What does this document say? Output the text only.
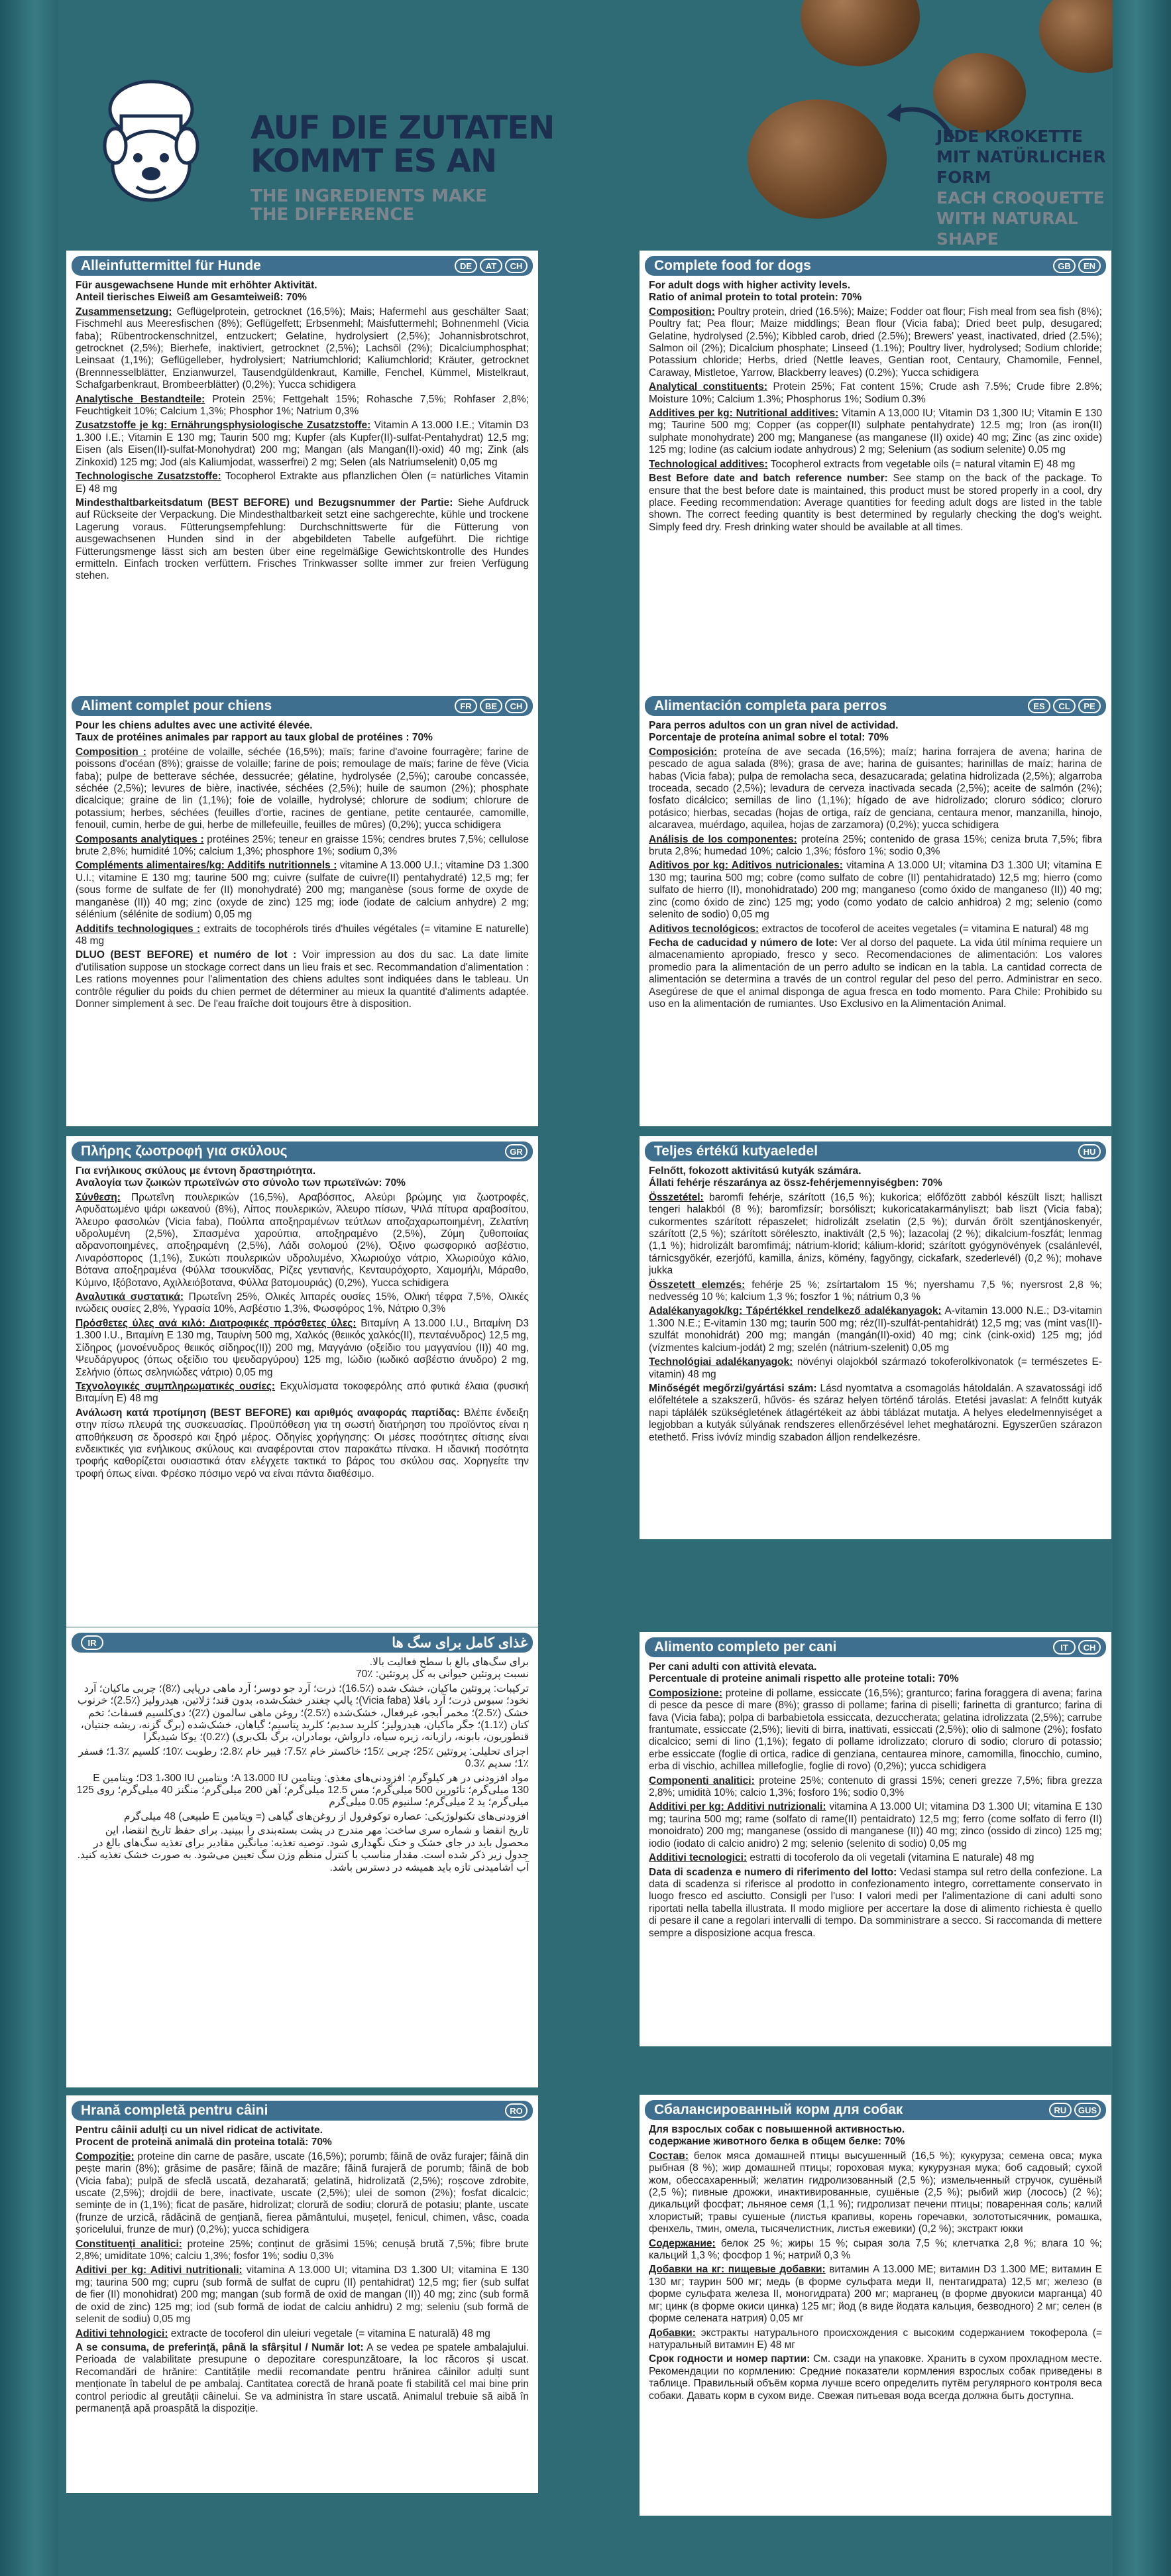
AUF DIE ZUTATEN
KOMMT ES AN
THE INGREDIENTS MAKE
THE DIFFERENCE
JEDE KROKETTE
MIT NATÜRLICHER FORM
EACH CROQUETTE
WITH NATURAL SHAPE
Alleinfuttermittel für Hunde	DE	AT	CH

Für ausgewachsene Hunde mit erhöhter Aktivität.

Anteil tierisches Eiweiß am Gesamteiweiß: 70%

Zusammensetzung: Geflügelprotein, getrocknet (16,5%); Mais; Hafermehl aus geschälter Saat; Fischmehl aus Meeresfischen (8%); Geflügelfett; Erbsenmehl; Maisfuttermehl; Bohnenmehl (Vicia faba); Rübentrockenschnitzel, entzuckert; Gelatine, hydrolysiert (2,5%); Johannisbrotschrot, getrocknet (2,5%); Bierhefe, inaktiviert, getrocknet (2,5%); Lachsöl (2%); Dicalciumphosphat; Leinsaat (1,1%); Geflügelleber, hydrolysiert; Natriumchlorid; Kaliumchlorid; Kräuter, getrocknet (Brennnesselblätter, Enzianwurzel, Tausendgüldenkraut, Kamille, Fenchel, Kümmel, Mistelkraut, Schafgarbenkraut, Brombeerblätter) (0,2%); Yucca schidigera

Analytische Bestandteile: Protein 25%; Fettgehalt 15%; Rohasche 7,5%; Rohfaser 2,8%; Feuchtigkeit 10%; Calcium 1,3%; Phosphor 1%; Natrium 0,3%

Zusatzstoffe je kg: Ernährungsphysiologische Zusatzstoffe: Vitamin A 13.000 I.E.; Vitamin D3 1.300 I.E.; Vitamin E 130 mg; Taurin 500 mg; Kupfer (als Kupfer(II)-sulfat-Pentahydrat) 12,5 mg; Eisen (als Eisen(II)-sulfat-Monohydrat) 200 mg; Mangan (als Mangan(II)-oxid) 40 mg; Zink (als Zinkoxid) 125 mg; Jod (als Kaliumjodat, wasserfrei) 2 mg; Selen (als Natriumselenit) 0,05 mg

Technologische Zusatzstoffe: Tocopherol Extrakte aus pflanzlichen Ölen (= natürliches Vitamin E) 48 mg

Mindesthaltbarkeitsdatum (BEST BEFORE) und Bezugsnummer der Partie: Siehe Aufdruck auf Rückseite der Verpackung. Die Mindesthaltbarkeit setzt eine sachgerechte, kühle und trockene Lagerung voraus. Fütterungsempfehlung: Durchschnittswerte für die Fütterung von ausgewachsenen Hunden sind in der abgebildeten Tabelle aufgeführt. Die richtige Fütterungsmenge lässt sich am besten über eine regelmäßige Gewichtskontrolle des Hundes ermitteln. Einfach trocken verfüttern. Frisches Trinkwasser sollte immer zur freien Verfügung stehen.

Complete food for dogs	GB	EN

For adult dogs with higher activity levels.

Ratio of animal protein to total protein: 70%

Composition: Poultry protein, dried (16.5%); Maize; Fodder oat flour; Fish meal from sea fish (8%); Poultry fat; Pea flour; Maize middlings; Bean flour (Vicia faba); Dried beet pulp, desugared; Gelatine, hydrolysed (2.5%); Kibbled carob, dried (2.5%); Brewers' yeast, inactivated, dried (2.5%); Salmon oil (2%); Dicalcium phosphate; Linseed (1.1%); Poultry liver, hydrolysed; Sodium chloride; Potassium chloride; Herbs, dried (Nettle leaves, Gentian root, Centaury, Chamomile, Fennel, Caraway, Mistletoe, Yarrow, Blackberry leaves) (0.2%); Yucca schidigera

Analytical constituents: Protein 25%; Fat content 15%; Crude ash 7.5%; Crude fibre 2.8%; Moisture 10%; Calcium 1.3%; Phosphorus 1%; Sodium 0.3%

Additives per kg: Nutritional additives: Vitamin A 13,000 IU; Vitamin D3 1,300 IU; Vitamin E 130 mg; Taurine 500 mg; Copper (as copper(II) sulphate pentahydrate) 12.5 mg; Iron (as iron(II) sulphate monohydrate) 200 mg; Manganese (as manganese (II) oxide) 40 mg; Zinc (as zinc oxide) 125 mg; Iodine (as calcium iodate anhydrous) 2 mg; Selenium (as sodium selenite) 0.05 mg

Technological additives: Tocopherol extracts from vegetable oils (= natural vitamin E) 48 mg

Best Before date and batch reference number: See stamp on the back of the package. To ensure that the best before date is maintained, this product must be stored properly in a cool, dry place. Feeding recommendation: Average quantities for feeding adult dogs are listed in the table shown. The correct feeding quantity is best determined by regularly checking the dog's weight. Simply feed dry. Fresh drinking water should be available at all times.

Aliment complet pour chiens	FR	BE	CH

Pour les chiens adultes avec une activité élevée.

Taux de protéines animales par rapport au taux global de protéines : 70%

Composition : protéine de volaille, séchée (16,5%); maïs; farine d'avoine fourragère; farine de poissons d'océan (8%); graisse de volaille; farine de pois; remoulage de maïs; farine de fève (Vicia faba); pulpe de betterave séchée, dessucrée; gélatine, hydrolysée (2,5%); caroube concassée, séchée (2,5%); levures de bière, inactivée, séchées (2,5%); huile de saumon (2%); phosphate dicalcique; graine de lin (1,1%); foie de volaille, hydrolysé; chlorure de sodium; chlorure de potassium; herbes, séchées (feuilles d'ortie, racines de gentiane, petite centaurée, camomille, fenouil, cumin, herbe de gui, herbe de millefeuille, feuilles de mûres) (0,2%); yucca schidigera

Composants analytiques : protéines 25%; teneur en graisse 15%; cendres brutes 7,5%; cellulose brute 2,8%; humidité 10%; calcium 1,3%; phosphore 1%; sodium 0,3%

Compléments alimentaires/kg: Additifs nutritionnels : vitamine A 13.000 U.I.; vitamine D3 1.300 U.I.; vitamine E 130 mg; taurine 500 mg; cuivre (sulfate de cuivre(II) pentahydraté) 12,5 mg; fer (sous forme de sulfate de fer (II) monohydraté) 200 mg; manganèse (sous forme de oxyde de manganèse (II)) 40 mg; zinc (oxyde de zinc) 125 mg; iode (iodate de calcium anhydre) 2 mg; sélénium (sélénite de sodium) 0,05 mg

Additifs technologiques : extraits de tocophérols tirés d'huiles végétales (= vitamine E naturelle) 48 mg

DLUO (BEST BEFORE) et numéro de lot : Voir impression au dos du sac. La date limite d'utilisation suppose un stockage correct dans un lieu frais et sec. Recommandation d'alimentation : Les rations moyennes pour l'alimentation des chiens adultes sont indiquées dans le tableau. Un contrôle régulier du poids du chien permet de déterminer au mieux la quantité d'aliments adaptée. Donner simplement à sec. De l'eau fraîche doit toujours être à disposition.

Alimentación completa para perros	ES	CL	PE

Para perros adultos con un gran nivel de actividad.

Porcentaje de proteína animal sobre el total: 70%

Composición: proteína de ave secada (16,5%); maíz; harina forrajera de avena; harina de pescado de agua salada (8%); grasa de ave; harina de guisantes; harinillas de maíz; harina de habas (Vicia faba); pulpa de remolacha seca, desazucarada; gelatina hidrolizada (2,5%); algarroba troceada, secado (2,5%); levadura de cerveza inactivada secada (2,5%); aceite de salmón (2%); fosfato dicálcico; semillas de lino (1,1%); hígado de ave hidrolizado; cloruro sódico; cloruro potásico; hierbas, secadas (hojas de ortiga, raíz de genciana, centaura menor, manzanilla, hinojo, alcaravea, muérdago, aquilea, hojas de zarzamora) (0,2%); yucca schidigera

Análisis de los componentes: proteína 25%; contenido de grasa 15%; ceniza bruta 7,5%; fibra bruta 2,8%; humedad 10%; calcio 1,3%; fósforo 1%; sodio 0,3%

Aditivos por kg: Aditivos nutricionales: vitamina A 13.000 UI; vitamina D3 1.300 UI; vitamina E 130 mg; taurina 500 mg; cobre (como sulfato de cobre (II) pentahidratado) 12,5 mg; hierro (como sulfato de hierro (II), monohidratado) 200 mg; manganeso (como óxido de manganeso (II)) 40 mg; zinc (como óxido de zinc) 125 mg; yodo (como yodato de calcio anhidroa) 2 mg; selenio (como selenito de sodio) 0,05 mg

Aditivos tecnológicos: extractos de tocoferol de aceites vegetales (= vitamina E natural) 48 mg

Fecha de caducidad y número de lote: Ver al dorso del paquete. La vida útil mínima requiere un almacenamiento apropiado, fresco y seco. Recomendaciones de alimentación: Los valores promedio para la alimentación de un perro adulto se indican en la tabla. La cantidad correcta de alimentación se determina a través de un control regular del peso del perro. Administrar en seco. Asegúrese de que el animal disponga de agua fresca en todo momento. Para Chile: Prohibido su uso en la alimentación de rumiantes. Uso Exclusivo en la Alimentación Animal.

Πλήρης ζωοτροφή για σκύλους	GR

Για ενήλικους σκύλους με έντονη δραστηριότητα.

Αναλογία των ζωικών πρωτεϊνών στο σύνολο των πρωτεϊνών: 70%

Σύνθεση: Πρωτεΐνη πουλερικών (16,5%), Αραβόσιτος, Αλεύρι βρώμης για ζωοτροφές, Αφυδατωμένο ψάρι ωκεανού (8%), Λίπος πουλερικών, Άλευρο πίσων, Ψιλά πίτυρα αραβοσίτου, Άλευρο φασολιών (Vicia faba), Πούλπα αποξηραμένων τεύτλων αποζαχαρωποιημένη, Ζελατίνη υδρολυμένη (2,5%), Σπασμένα χαρούπια, αποξηραμένο (2,5%), Ζύμη ζυθοποιίας αδρανοποιημένες, αποξηραμένη (2,5%), Λάδι σολομού (2%), Όξινο φωσφορικό ασβέστιο, Λιναρόσπορος (1,1%), Συκώτι πουλερικών υδρολυμένο, Χλωριούχο νάτριο, Χλωριούχο κάλιο, Βότανα αποξηραμένα (Φύλλα τσουκνίδας, Ρίζες γεντιανής, Κενταυρόχορτο, Χαμομήλι, Μάραθο, Κύμινο, Ιξόβοτανο, Αχιλλειόβοτανα, Φύλλα βατομουριάς) (0,2%), Yucca schidigera

Αναλυτικά συστατικά: Πρωτεΐνη 25%, Ολικές λιπαρές ουσίες 15%, Ολική τέφρα 7,5%, Ολικές ινώδεις ουσίες 2,8%, Υγρασία 10%, Ασβέστιο 1,3%, Φωσφόρος 1%, Νάτριο 0,3%

Πρόσθετες ύλες ανά κιλό: Διατροφικές πρόσθετες ύλες: Βιταμίνη A 13.000 I.U., Βιταμίνη D3 1.300 I.U., Βιταμίνη E 130 mg, Ταυρίνη 500 mg, Χαλκός (θειικός χαλκός(II), πενταένυδρος) 12,5 mg, Σίδηρος (μονοένυδρος θειικός σίδηρος(II)) 200 mg, Μαγγάνιο (οξείδιο του μαγγανίου (II)) 40 mg, Ψευδάργυρος (όπως οξείδιο του ψευδαργύρου) 125 mg, Ιώδιο (ιωδικό ασβέστιο άνυδρο) 2 mg, Σελήνιο (όπως σεληνιώδες νάτριο) 0,05 mg

Τεχνολογικές συμπληρωματικές ουσίες: Εκχυλίσματα τοκοφερόλης από φυτικά έλαια (φυσική Βιταμίνη E) 48 mg

Ανάλωση κατά προτίμηση (BEST BEFORE) και αριθμός αναφοράς παρτίδας: Βλέπε ένδειξη στην πίσω πλευρά της συσκευασίας. Προϋπόθεση για τη σωστή διατήρηση του προϊόντος είναι η αποθήκευση σε δροσερό και ξηρό μέρος. Οδηγίες χορήγησης: Οι μέσες ποσότητες σίτισης είναι ενδεικτικές για ενήλικους σκύλους και αναφέρονται στον παρακάτω πίνακα. Η ιδανική ποσότητα τροφής καθορίζεται ουσιαστικά όταν ελέγχετε τακτικά το βάρος του σκύλου σας. Χορηγείτε την τροφή όπως είναι. Φρέσκο πόσιμο νερό να είναι πάντα διαθέσιμο.

Teljes értékű kutyaeledel	HU

Felnőtt, fokozott aktivitású kutyák számára.

Állati fehérje részaránya az össz-fehérjemennyiségben: 70%

Összetétel: baromfi fehérje, szárított (16,5 %); kukorica; előfőzött zabból készült liszt; halliszt tengeri halakból (8 %); baromfizsír; borsóliszt; kukoricatakarmányliszt; bab liszt (Vicia faba); cukormentes szárított répaszelet; hidrolizált zselatin (2,5 %); durván őrölt szentjánoskenyér, szárított (2,5 %); szárított söréleszto, inaktivált (2,5 %); lazacolaj (2 %); dikalcium-foszfát; lenmag (1,1 %); hidrolizált baromfimáj; nátrium-klorid; kálium-klorid; szárított gyógynövények (csalánlevél, tárnicsgyökér, ezerjófű, kamilla, ánizs, kömény, fagyöngy, cickafark, szederlevél) (0,2 %); mohave jukka

Összetett elemzés: fehérje 25 %; zsírtartalom 15 %; nyershamu 7,5 %; nyersrost 2,8 %; nedvesség 10 %; kalcium 1,3 %; foszfor 1 %; nátrium 0,3 %

Adalékanyagok/kg: Tápértékkel rendelkező adalékanyagok: A-vitamin 13.000 N.E.; D3-vitamin 1.300 N.E.; E-vitamin 130 mg; taurin 500 mg; réz(II)-szulfát-pentahidrát) 12,5 mg; vas (mint vas(II)-szulfát monohidrát) 200 mg; mangán (mangán(II)-oxid) 40 mg; cink (cink-oxid) 125 mg; jód (vízmentes kalcium-jodát) 2 mg; szelén (nátrium-szelenit) 0,05 mg

Technológiai adalékanyagok: növényi olajokból származó tokoferolkivonatok (= természetes E-vitamin) 48 mg

Minőségét megőrzi/gyártási szám: Lásd nyomtatva a csomagolás hátoldalán. A szavatossági idő előfeltétele a szakszerű, hűvös- és száraz helyen történő tárolás. Etetési javaslat: A felnőtt kutyák napi táplálék szükségletének átlagértékeit az ábbi táblázat mutatja. A helyes eledelmennyiséget a legjobban a kutyák súlyának rendszeres ellenőrzésével lehet meghatározni. Egyszerűen szárazon etethető. Friss ivóvíz mindig szabadon álljon rendelkezésre.

غذای کامل برای سگ ها
IR

برای سگ‌های بالغ با سطح فعالیت بالا.

نسبت پروتئین حیوانی به کل پروتئین: ٪70

ترکیبات: پروتئین ماکیان، خشک شده (٪16.5)؛ ذرت؛ آرد جو دوسر؛ آرد ماهی دریایی (٪8)؛ چربی ماکیان؛ آرد نخود؛ سبوس ذرت؛ آرد باقلا (Vicia faba)؛ پالپ چغندر خشک‌شده، بدون قند؛ ژلاتین، هیدرولیز (٪2.5)؛ خرنوب خشک (٪2.5)؛ مخمر آبجو، غیرفعال، خشک‌شده (٪2.5)؛ روغن ماهی سالمون (٪2)؛ دی‌کلسیم فسفات؛ تخم کتان (٪1.1)؛ جگر ماکیان، هیدرولیز؛ کلرید سدیم؛ کلرید پتاسیم؛ گیاهان، خشک‌شده (برگ گزنه، ریشه جنتیان، قنطوریون، بابونه، رازیانه، زیره سیاه، دارواش، بومادران، برگ بلک‌بری) (٪0.2)؛ یوکا شیدیگرا

اجزای تحلیلی: پروتئین ٪25؛ چربی ٪15؛ خاکستر خام ٪7.5؛ فیبر خام ٪2.8؛ رطوبت ٪10؛ کلسیم ٪1.3؛ فسفر ٪1؛ سدیم ٪0.3

مواد افزودنی در هر کیلوگرم: افزودنی‌های مغذی: ویتامین A 13،000 IU؛ ویتامین D3 1،300 IU؛ ویتامین E 130 میلی‌گرم؛ تائورین 500 میلی‌گرم؛ مس 12.5 میلی‌گرم؛ آهن 200 میلی‌گرم؛ منگنز 40 میلی‌گرم؛ روی 125 میلی‌گرم؛ ید 2 میلی‌گرم؛ سلنیوم 0.05 میلی‌گرم

افزودنی‌های تکنولوژیکی: عصاره توکوفرول از روغن‌های گیاهی (= ویتامین E طبیعی) 48 میلی‌گرم

تاریخ انقضا و شماره سری ساخت: مهر مندرج در پشت بسته‌بندی را ببینید. برای حفظ تاریخ انقضا، این محصول باید در جای خشک و خنک نگهداری شود. توصیه تغذیه: میانگین مقادیر برای تغذیه سگ‌های بالغ در جدول زیر ذکر شده است. مقدار مناسب با کنترل منظم وزن سگ تعیین می‌شود. به صورت خشک تغذیه کنید. آب آشامیدنی تازه باید همیشه در دسترس باشد.

Alimento completo per cani	IT	CH

Per cani adulti con attività elevata.

Percentuale di proteine animali rispetto alle proteine totali: 70%

Composizione: proteine di pollame, essiccate (16,5%); granturco; farina foraggera di avena; farina di pesce da pesce di mare (8%); grasso di pollame; farina di piselli; farinetta di granturco; farina di fava (Vicia faba); polpa di barbabietola essiccata, dezuccherata; gelatina idrolizzata (2,5%); carrube frantumate, essiccate (2,5%); lieviti di birra, inattivati, essiccati (2,5%); olio di salmone (2%); fosfato dicalcico; semi di lino (1,1%); fegato di pollame idrolizzato; cloruro di sodio; cloruro di potassio; erbe essiccate (foglie di ortica, radice di genziana, centaurea minore, camomilla, finocchio, cumino, erba di vischio, achillea millefoglie, foglie di rovo) (0,2%); yucca schidigera

Componenti analitici: proteine 25%; contenuto di grassi 15%; ceneri grezze 7,5%; fibra grezza 2,8%; umidità 10%; calcio 1,3%; fosforo 1%; sodio 0,3%

Additivi per kg: Additivi nutrizionali: vitamina A 13.000 UI; vitamina D3 1.300 UI; vitamina E 130 mg; taurina 500 mg; rame (solfato di rame(II) pentaidrato) 12,5 mg; ferro (come solfato di ferro (II) monoidrato) 200 mg; manganese (ossido di manganese (II)) 40 mg; zinco (ossido di zinco) 125 mg; iodio (iodato di calcio anidro) 2 mg; selenio (selenito di sodio) 0,05 mg

Additivi tecnologici: estratti di tocoferolo da oli vegetali (vitamina E naturale) 48 mg

Data di scadenza e numero di riferimento del lotto: Vedasi stampa sul retro della confezione. La data di scadenza si riferisce al prodotto in confezionamento integro, correttamente conservato in luogo fresco ed asciutto. Consigli per l'uso: I valori medi per l'alimentazione di cani adulti sono riportati nella tabella illustrata. Il modo migliore per accertare la dose di alimento richiesta è quello di pesare il cane a regolari intervalli di tempo. Da somministrare a secco. Si raccomanda di mettere sempre a disposizione acqua fresca.

Hrană completă pentru câini	RO

Pentru câinii adulți cu un nivel ridicat de activitate.

Procent de proteină animală din proteina totală: 70%

Compoziție: proteine din carne de pasăre, uscate (16,5%); porumb; făină de ovăz furajer; făină din pește marin (8%); grăsime de pasăre; făină de mazăre; făină furajeră de porumb; făină de bob (Vicia faba); pulpă de sfeclă uscată, dezaharată; gelatină, hidrolizată (2,5%); roșcove zdrobite, uscate (2,5%); drojdii de bere, inactivate, uscate (2,5%); ulei de somon (2%); fosfat dicalcic; semințe de in (1,1%); ficat de pasăre, hidrolizat; clorură de sodiu; clorură de potasiu; plante, uscate (frunze de urzică, rădăcină de gențiană, fierea pământului, mușețel, fenicul, chimen, vâsc, coada șoricelului, frunze de mur) (0,2%); yucca schidigera

Constituenți analitici: proteine 25%; conținut de grăsimi 15%; cenușă brută 7,5%; fibre brute 2,8%; umiditate 10%; calciu 1,3%; fosfor 1%; sodiu 0,3%

Aditivi per kg: Aditivi nutritionali: vitamina A 13.000 UI; vitamina D3 1.300 UI; vitamina E 130 mg; taurina 500 mg; cupru (sub formă de sulfat de cupru (II) pentahidrat) 12,5 mg; fier (sub sulfat de fier (II) monohidrat) 200 mg; mangan (sub formă de oxid de mangan (II)) 40 mg; zinc (sub formă de oxid de zinc) 125 mg; iod (sub formă de iodat de calciu anhidru) 2 mg; seleniu (sub formă de selenit de sodiu) 0,05 mg

Aditivi tehnologici: extracte de tocoferol din uleiuri vegetale (= vitamina E naturală) 48 mg

A se consuma, de preferință, până la sfârșitul / Număr lot: A se vedea pe spatele ambalajului. Perioada de valabilitate presupune o depozitare corespunzătoare, la loc răcoros și uscat. Recomandări de hrănire: Cantitățile medii recomandate pentru hrănirea câinilor adulți sunt menționate în tabelul de pe ambalaj. Cantitatea corectă de hrană poate fi stabilită cel mai bine prin control periodic al greutății câinelui. Se va administra în stare uscată. Animalul trebuie să aibă în permanență apă proaspătă la dispoziție.

Сбалансированный корм для собак	RU	GUS

Для взрослых собак с повышенной активностью.

содержание животного белка в общем белке: 70%

Состав: белок мяса домашней птицы высушенный (16,5 %); кукуруза; семена овса; мука рыбная (8 %); жир домашней птицы; гороховая мука; кукурузная мука; боб садовый; сухой жом, обессахаренный; желатин гидролизованный (2,5 %); измельченный стручок, сушёный (2,5 %); пивные дрожжи, инактивированные, сушёные (2,5 %); рыбий жир (лосось) (2 %); дикальций фосфат; льняное семя (1,1 %); гидролизат печени птицы; поваренная соль; калий хлористый; травы сушеные (листья крапивы, корень горечавки, золототысячник, ромашка, фенхель, тмин, омела, тысячелистник, листья ежевики) (0,2 %); экстракт юкки

Содержание: белок 25 %; жиры 15 %; сырая зола 7,5 %; клетчатка 2,8 %; влага 10 %; кальций 1,3 %; фосфор 1 %; натрий 0,3 %

Добавки на кг: пищевые добавки: витамин A 13.000 МЕ; витамин D3 1.300 МЕ; витамин E 130 мг; таурин 500 мг; медь (в форме сульфата меди II, пентагидрата) 12,5 мг; железо (в форме сульфата железа II, моногидрата) 200 мг; марганец (в форме двуокиси марганца) 40 мг; цинк (в форме окиси цинка) 125 мг; йод (в виде йодата кальция, безводного) 2 мг; селен (в форме селената натрия) 0,05 мг

Добавки: экстракты натурального происхождения с высоким содержанием токоферола (= натуральный витамин E) 48 мг

Срок годности и номер партии: См. сзади на упаковке. Хранить в сухом прохладном месте. Рекомендации по кормлению: Средние показатели кормления взрослых собак приведены в таблице. Правильный объём корма лучше всего определить путём регулярного контроля веса собаки. Давать корм в сухом виде. Свежая питьевая вода всегда должна быть доступна.
